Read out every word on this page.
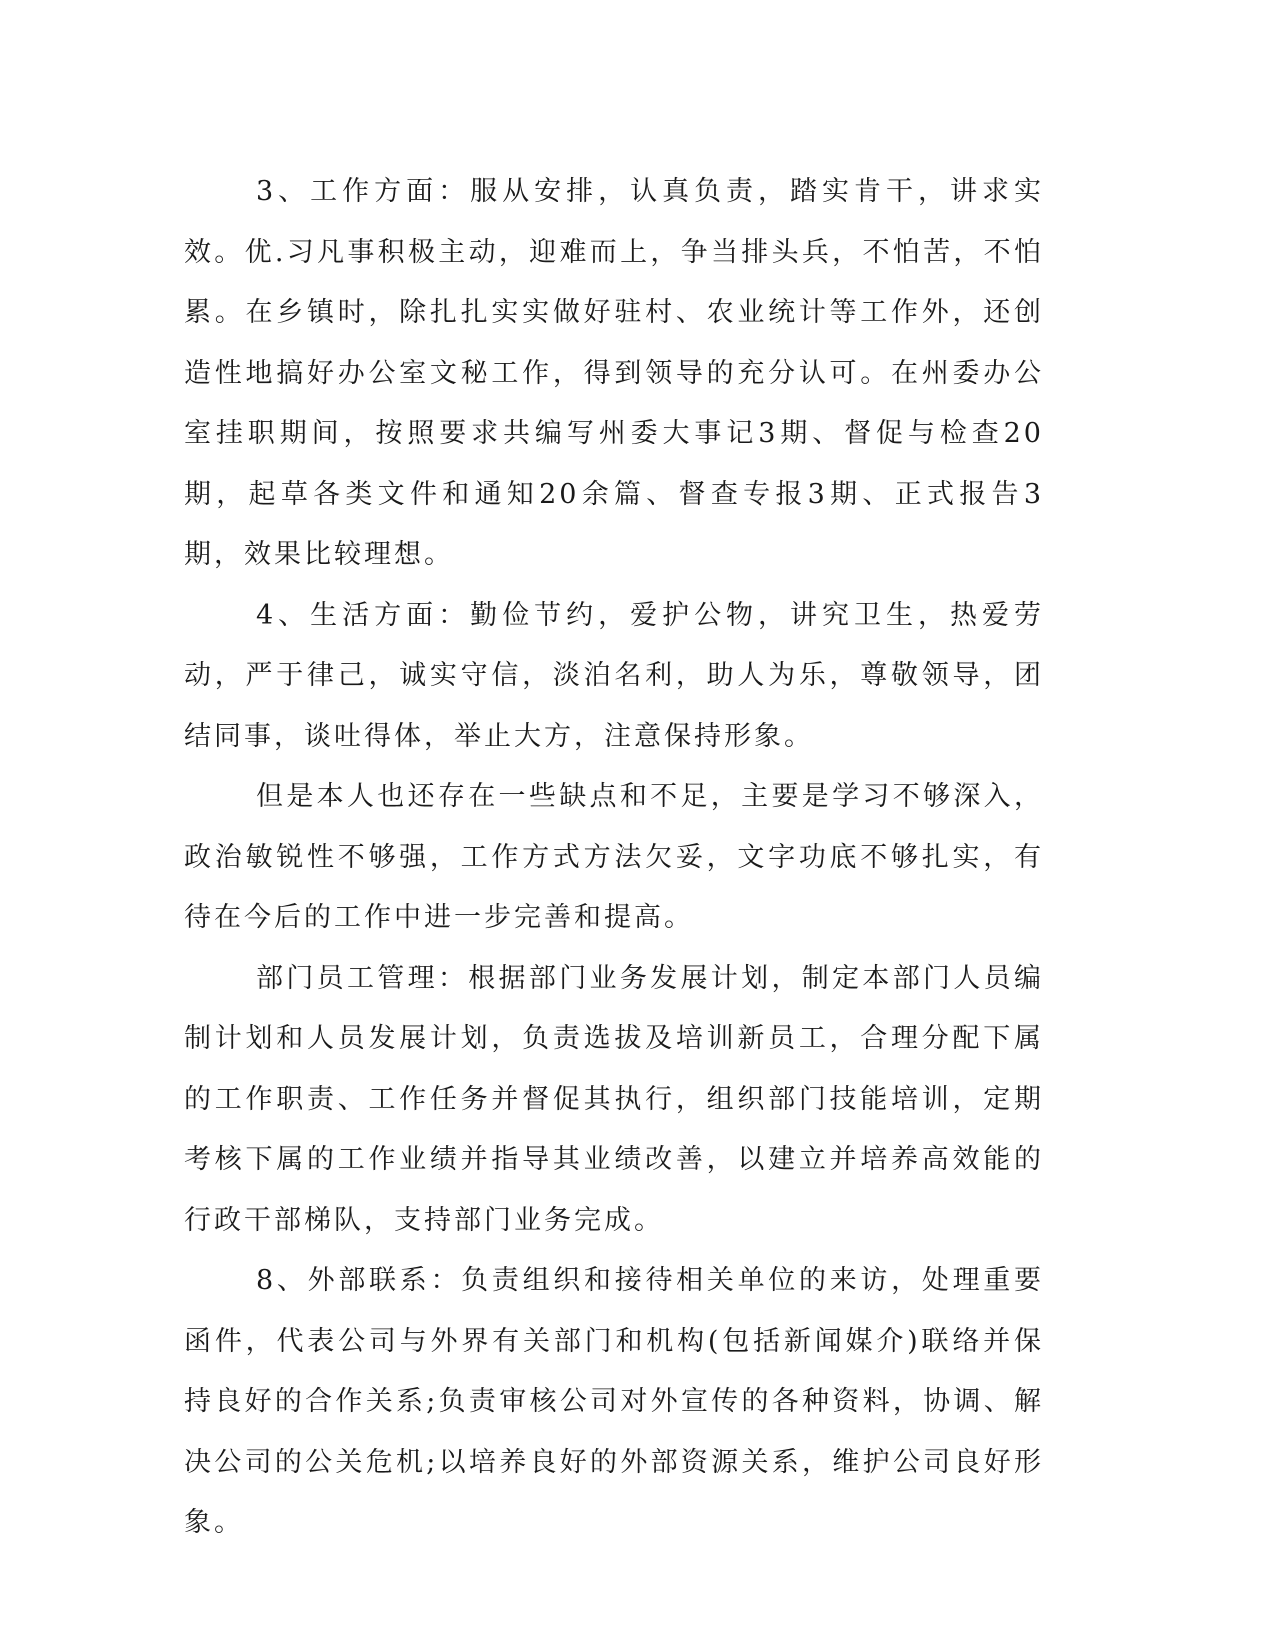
3、工作方面：服从安排，认真负责，踏实肯干，讲求实效。优.习凡事积极主动，迎难而上，争当排头兵，不怕苦，不怕累。在乡镇时，除扎扎实实做好驻村、农业统计等工作外，还创造性地搞好办公室文秘工作，得到领导的充分认可。在州委办公室挂职期间，按照要求共编写州委大事记3期、督促与检查20期，起草各类文件和通知20余篇、督查专报3期、正式报告3期，效果比较理想。

4、生活方面：勤俭节约，爱护公物，讲究卫生，热爱劳动，严于律己，诚实守信，淡泊名利，助人为乐，尊敬领导，团结同事，谈吐得体，举止大方，注意保持形象。

但是本人也还存在一些缺点和不足，主要是学习不够深入，政治敏锐性不够强，工作方式方法欠妥，文字功底不够扎实，有待在今后的工作中进一步完善和提高。

部门员工管理：根据部门业务发展计划，制定本部门人员编制计划和人员发展计划，负责选拔及培训新员工，合理分配下属的工作职责、工作任务并督促其执行，组织部门技能培训，定期考核下属的工作业绩并指导其业绩改善，以建立并培养高效能的行政干部梯队，支持部门业务完成。

8、外部联系：负责组织和接待相关单位的来访，处理重要函件，代表公司与外界有关部门和机构(包括新闻媒介)联络并保持良好的合作关系;负责审核公司对外宣传的各种资料，协调、解决公司的公关危机;以培养良好的外部资源关系，维护公司良好形象。
